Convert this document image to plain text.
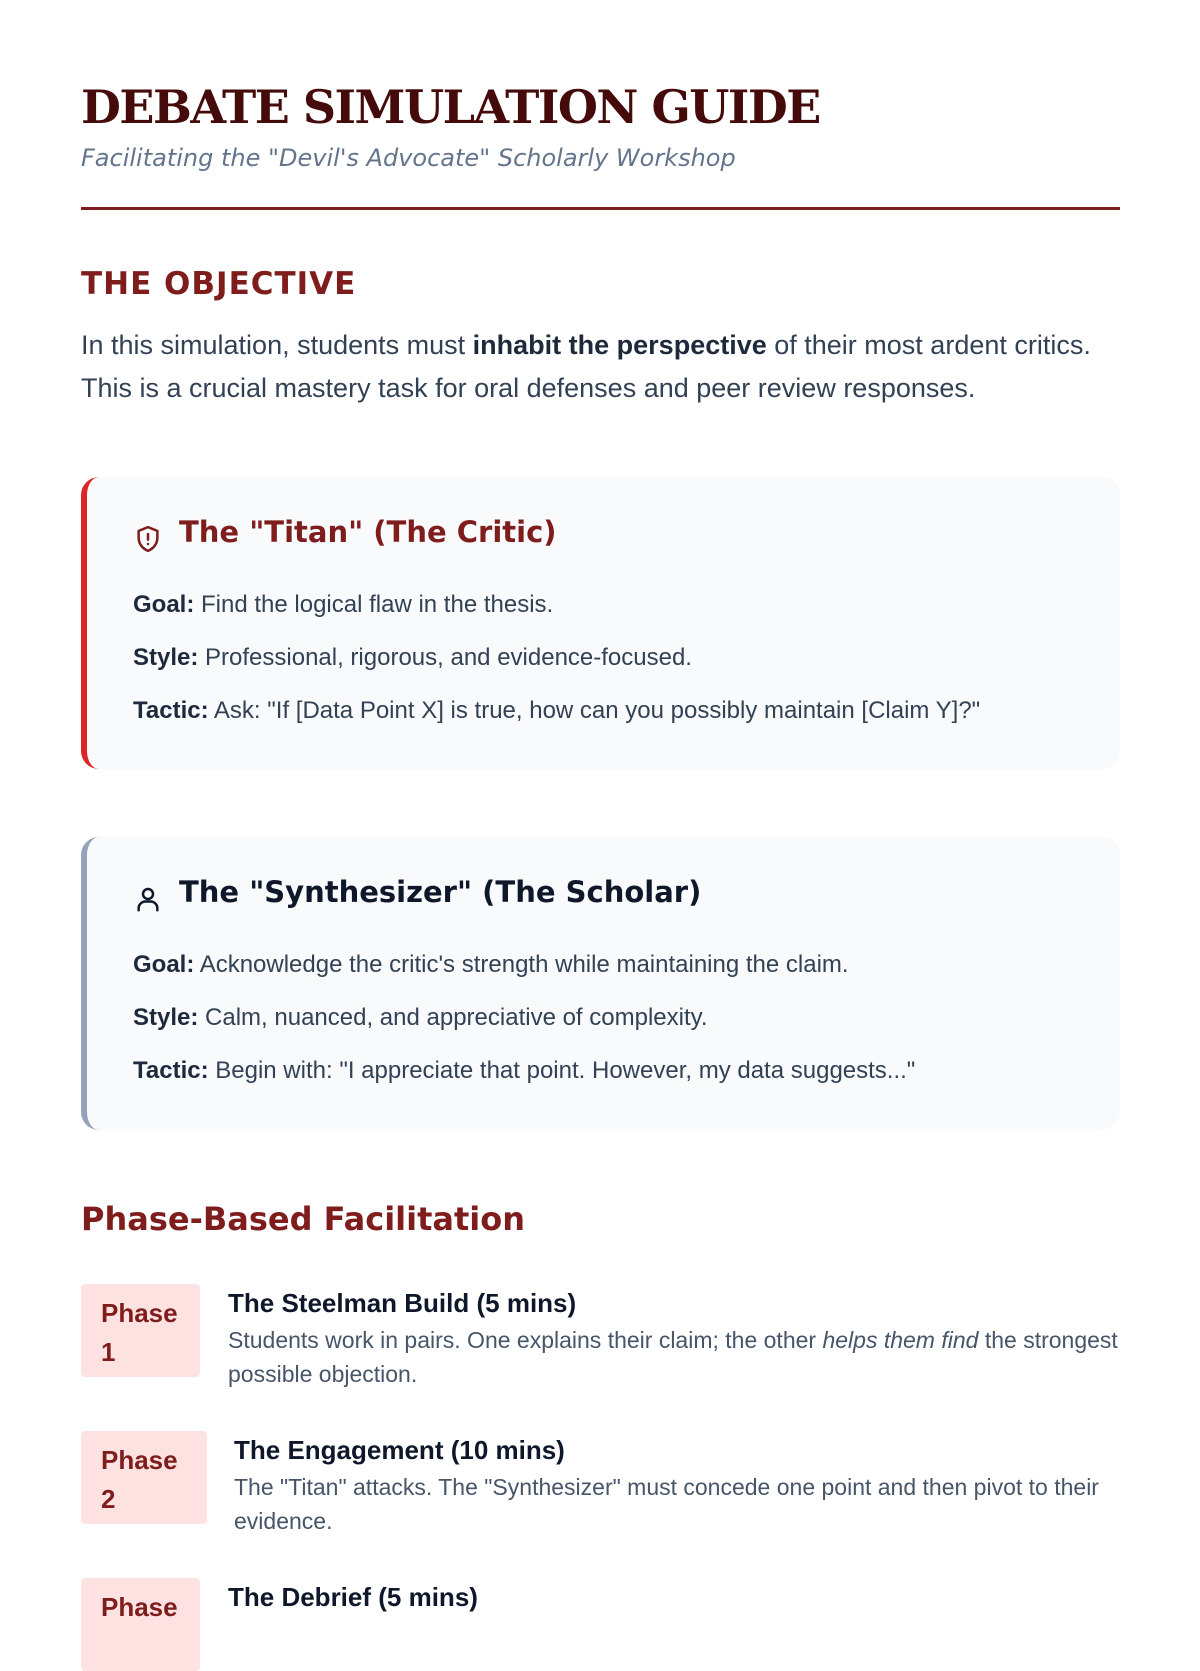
DEBATE SIMULATION GUIDE

Facilitating the "Devil's Advocate" Scholarly Workshop

THE OBJECTIVE

In this simulation, students must inhabit the perspective of their most ardent critics. This is a crucial mastery task for oral defenses and peer review responses.

The "Titan" (The Critic)

Goal: Find the logical flaw in the thesis.

Style: Professional, rigorous, and evidence-focused.

Tactic: Ask: "If [Data Point X] is true, how can you possibly maintain [Claim Y]?"

The "Synthesizer" (The Scholar)

Goal: Acknowledge the critic's strength while maintaining the claim.

Style: Calm, nuanced, and appreciative of complexity.

Tactic: Begin with: "I appreciate that point. However, my data suggests..."

Phase-Based Facilitation
Phase
1
The Steelman Build (5 mins)

Students work in pairs. One explains their claim; the other helps them find the strongest possible objection.

Phase
2
The Engagement (10 mins)

The "Titan" attacks. The "Synthesizer" must concede one point and then pivot to their evidence.

Phase The Debrief (5 mins)
